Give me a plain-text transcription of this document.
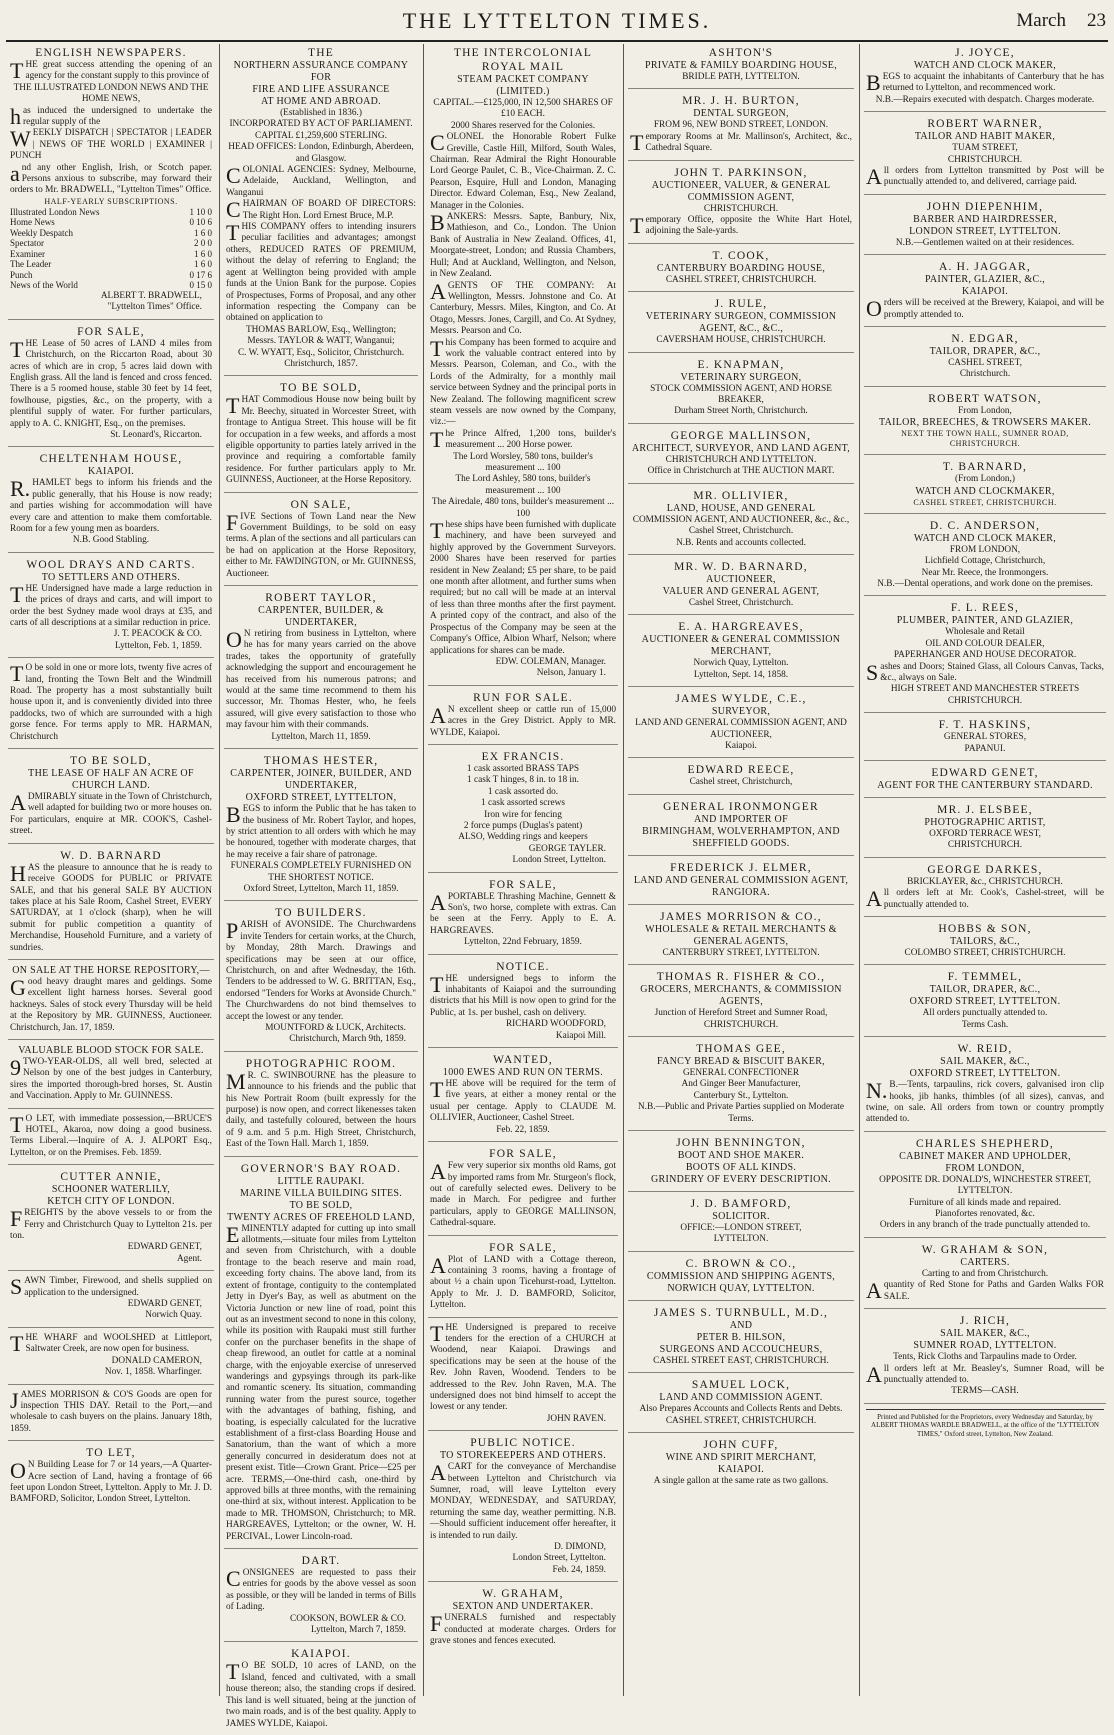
THE LYTTELTON TIMES.	March 23
ENGLISH NEWSPAPERS.
THE great success attending the opening of an agency for the constant supply to this province of
THE ILLUSTRATED LONDON NEWS AND THE HOME NEWS,
has induced the undersigned to undertake the regular supply of the
WEEKLY DISPATCH | SPECTATOR | LEADER | NEWS OF THE WORLD | EXAMINER | PUNCH
and any other English, Irish, or Scotch paper. Persons anxious to subscribe, may forward their orders to Mr. BRADWELL, "Lyttelton Times" Office.
HALF-YEARLY SUBSCRIPTIONS.
Illustrated London News	1 10 0
Home News	0 10 6
Weekly Despatch	1 6 0
Spectator	2 0 0
Examiner	1 6 0
The Leader	1 6 0
Punch	0 17 6
News of the World	0 15 0
ALBERT T. BRADWELL,
"Lyttelton Times" Office.
FOR SALE,
THE Lease of 50 acres of LAND 4 miles from Christchurch, on the Riccarton Road, about 30 acres of which are in crop, 5 acres laid down with English grass. All the land is fenced and cross fenced. There is a 5 roomed house, stable 30 feet by 14 feet, fowlhouse, pigsties, &c., on the property, with a plentiful supply of water. For further particulars, apply to A. C. KNIGHT, Esq., on the premises.
St. Leonard's, Riccarton.
CHELTENHAM HOUSE,
KAIAPOI.
R.HAMLET begs to inform his friends and the public generally, that his House is now ready; and parties wishing for accommodation will have every care and attention to make them comfortable. Room for a few young men as boarders.
N.B. Good Stabling.
WOOL DRAYS AND CARTS.
TO SETTLERS AND OTHERS.
THE Undersigned have made a large reduction in the prices of drays and carts, and will import to order the best Sydney made wool drays at £35, and carts of all descriptions at a similar reduction in price.
J. T. PEACOCK & CO.
Lyttelton, Feb. 1, 1859.
TO be sold in one or more lots, twenty five acres of land, fronting the Town Belt and the Windmill Road. The property has a most substantially built house upon it, and is conveniently divided into three paddocks, two of which are surrounded with a high gorse fence. For terms apply to MR. HARMAN, Christchurch
TO BE SOLD,
THE LEASE OF HALF AN ACRE OF CHURCH LAND.
ADMIRABLY situate in the Town of Christchurch, well adapted for building two or more houses on. For particulars, enquire at MR. COOK'S, Cashel-street.
W. D. BARNARD
HAS the pleasure to announce that he is ready to receive GOODS for PUBLIC or PRIVATE SALE, and that his general SALE BY AUCTION takes place at his Sale Room, Cashel Street, EVERY SATURDAY, at 1 o'clock (sharp), when he will submit for public competition a quantity of Merchandise, Household Furniture, and a variety of sundries.
ON SALE AT THE HORSE REPOSITORY,—
Good heavy draught mares and geldings. Some excellent light harness horses. Several good hackneys. Sales of stock every Thursday will be held at the Repository by MR. GUINNESS, Auctioneer. Christchurch, Jan. 17, 1859.
VALUABLE BLOOD STOCK FOR SALE.
9TWO-YEAR-OLDS, all well bred, selected at Nelson by one of the best judges in Canterbury, sires the imported thorough-bred horses, St. Austin and Vaccination. Apply to Mr. GUINNESS.
TO LET, with immediate possession,—BRUCE'S HOTEL, Akaroa, now doing a good business. Terms Liberal.—Inquire of A. J. ALPORT Esq., Lyttelton, or on the Premises. Feb. 1859.
CUTTER ANNIE,
SCHOONER WATERLILY,
KETCH CITY OF LONDON.
FREIGHTS by the above vessels to or from the Ferry and Christchurch Quay to Lyttelton 21s. per ton.
EDWARD GENET,
Agent.
SAWN Timber, Firewood, and shells supplied on application to the undersigned.
EDWARD GENET,
Norwich Quay.
THE WHARF and WOOLSHED at Littleport, Saltwater Creek, are now open for business.
DONALD CAMERON,
Nov. 1, 1858. Wharfinger.
JAMES MORRISON & CO'S Goods are open for inspection THIS DAY. Retail to the Port,—and wholesale to cash buyers on the plains. January 18th, 1859.
TO LET,
ON Building Lease for 7 or 14 years,—A Quarter-Acre section of Land, having a frontage of 66 feet upon London Street, Lyttelton. Apply to Mr. J. D. BAMFORD, Solicitor, London Street, Lyttelton.
THE
NORTHERN ASSURANCE COMPANY
FOR
FIRE AND LIFE ASSURANCE
AT HOME AND ABROAD.
(Established in 1836.)
INCORPORATED BY ACT OF PARLIAMENT.
CAPITAL £1,259,600 STERLING.
HEAD OFFICES: London, Edinburgh, Aberdeen, and Glasgow.
COLONIAL AGENCIES: Sydney, Melbourne, Adelaide, Auckland, Wellington, and Wanganui
CHAIRMAN OF BOARD OF DIRECTORS: The Right Hon. Lord Ernest Bruce, M.P.
THIS COMPANY offers to intending insurers peculiar facilities and advantages; amongst others, REDUCED RATES OF PREMIUM, without the delay of referring to England; the agent at Wellington being provided with ample funds at the Union Bank for the purpose. Copies of Prospectuses, Forms of Proposal, and any other information respecting the Company can be obtained on application to
THOMAS BARLOW, Esq., Wellington;
Messrs. TAYLOR & WATT, Wanganui;
C. W. WYATT, Esq., Solicitor, Christchurch.
Christchurch, 1857.
TO BE SOLD,
THAT Commodious House now being built by Mr. Beechy, situated in Worcester Street, with frontage to Antigua Street. This house will be fit for occupation in a few weeks, and affords a most eligible opportunity to parties lately arrived in the province and requiring a comfortable family residence. For further particulars apply to Mr. GUINNESS, Auctioneer, at the Horse Repository.
ON SALE,
FIVE Sections of Town Land near the New Government Buildings, to be sold on easy terms. A plan of the sections and all particulars can be had on application at the Horse Repository, either to Mr. FAWDINGTON, or Mr. GUINNESS, Auctioneer.
ROBERT TAYLOR,
CARPENTER, BUILDER, & UNDERTAKER,
ON retiring from business in Lyttelton, where he has for many years carried on the above trades, takes the opportunity of gratefully acknowledging the support and encouragement he has received from his numerous patrons; and would at the same time recommend to them his successor, Mr. Thomas Hester, who, he feels assured, will give every satisfaction to those who may favour him with their commands.
Lyttelton, March 11, 1859.
THOMAS HESTER,
CARPENTER, JOINER, BUILDER, AND UNDERTAKER,
OXFORD STREET, LYTTELTON,
BEGS to inform the Public that he has taken to the business of Mr. Robert Taylor, and hopes, by strict attention to all orders with which he may be honoured, together with moderate charges, that he may receive a fair share of patronage.
FUNERALS COMPLETELY FURNISHED ON THE SHORTEST NOTICE.
Oxford Street, Lyttelton, March 11, 1859.
TO BUILDERS.
PARISH of AVONSIDE. The Churchwardens invite Tenders for certain works, at the Church, by Monday, 28th March. Drawings and specifications may be seen at our office, Christchurch, on and after Wednesday, the 16th. Tenders to be addressed to W. G. BRITTAN, Esq., endorsed "Tenders for Works at Avonside Church." The Churchwardens do not bind themselves to accept the lowest or any tender.
MOUNTFORD & LUCK, Architects.
Christchurch, March 9th, 1859.
PHOTOGRAPHIC ROOM.
MR. C. SWINBOURNE has the pleasure to announce to his friends and the public that his New Portrait Room (built expressly for the purpose) is now open, and correct likenesses taken daily, and tastefully coloured, between the hours of 9 a.m. and 5 p.m. High Street, Christchurch, East of the Town Hall. March 1, 1859.
GOVERNOR'S BAY ROAD.
LITTLE RAUPAKI.
MARINE VILLA BUILDING SITES.
TO BE SOLD,
TWENTY ACRES OF FREEHOLD LAND,
EMINENTLY adapted for cutting up into small allotments,—situate four miles from Lyttelton and seven from Christchurch, with a double frontage to the beach reserve and main road, exceeding forty chains. The above land, from its extent of frontage, contiguity to the contemplated Jetty in Dyer's Bay, as well as abutment on the Victoria Junction or new line of road, point this out as an investment second to none in this colony, while its position with Raupaki must still further confer on the purchaser benefits in the shape of cheap firewood, an outlet for cattle at a nominal charge, with the enjoyable exercise of unreserved wanderings and gypsyings through its park-like and romantic scenery. Its situation, commanding running water from the purest source, together with the advantages of bathing, fishing, and boating, is especially calculated for the lucrative establishment of a first-class Boarding House and Sanatorium, than the want of which a more generally concurred in desideratum does not at present exist. Title—Crown Grant. Price—£25 per acre. TERMS,—One-third cash, one-third by approved bills at three months, with the remaining one-third at six, without interest. Application to be made to MR. THOMSON, Christchurch; to MR. HARGREAVES, Lyttelton; or the owner, W. H. PERCIVAL, Lower Lincoln-road.
DART.
CONSIGNEES are requested to pass their entries for goods by the above vessel as soon as possible, or they will be landed in terms of Bills of Lading.
COOKSON, BOWLER & CO.
Lyttelton, March 7, 1859.
KAIAPOI.
TO BE SOLD, 10 acres of LAND, on the Island, fenced and cultivated, with a small house thereon; also, the standing crops if desired. This land is well situated, being at the junction of two main roads, and is of the best quality. Apply to JAMES WYLDE, Kaiapoi.
THE INTERCOLONIAL ROYAL MAIL
STEAM PACKET COMPANY (LIMITED.)
CAPITAL.—£125,000, IN 12,500 SHARES OF £10 EACH.
2000 Shares reserved for the Colonies.
COLONEL the Honorable Robert Fulke Greville, Castle Hill, Milford, South Wales, Chairman. Rear Admiral the Right Honourable Lord George Paulet, C. B., Vice-Chairman. Z. C. Pearson, Esquire, Hull and London, Managing Director. Edward Coleman, Esq., New Zealand, Manager in the Colonies.
BANKERS: Messrs. Sapte, Banbury, Nix, Mathieson, and Co., London. The Union Bank of Australia in New Zealand. Offices, 41, Moorgate-street, London; and Russia Chambers, Hull; And at Auckland, Wellington, and Nelson, in New Zealand.
AGENTS OF THE COMPANY: At Wellington, Messrs. Johnstone and Co. At Canterbury, Messrs. Miles, Kington, and Co. At Otago, Messrs. Jones, Cargill, and Co. At Sydney, Messrs. Pearson and Co.
This Company has been formed to acquire and work the valuable contract entered into by Messrs. Pearson, Coleman, and Co., with the Lords of the Admiralty, for a monthly mail service between Sydney and the principal ports in New Zealand. The following magnificent screw steam vessels are now owned by the Company, viz.:—
The Prince Alfred, 1,200 tons, builder's measurement ... 200 Horse power.
The Lord Worsley, 580 tons, builder's measurement ... 100
The Lord Ashley, 580 tons, builder's measurement ... 100
The Airedale, 480 tons, builder's measurement ... 100
These ships have been furnished with duplicate machinery, and have been surveyed and highly approved by the Government Surveyors. 2000 Shares have been reserved for parties resident in New Zealand; £5 per share, to be paid one month after allotment, and further sums when required; but no call will be made at an interval of less than three months after the first payment. A printed copy of the contract, and also of the Prospectus of the Company may be seen at the Company's Office, Albion Wharf, Nelson; where applications for shares can be made.
EDW. COLEMAN, Manager.
Nelson, January 1.
RUN FOR SALE.
AN excellent sheep or cattle run of 15,000 acres in the Grey District. Apply to MR. WYLDE, Kaiapoi.
EX FRANCIS.
1 cask assorted BRASS TAPS
1 cask T hinges, 8 in. to 18 in.
1 cask assorted do.
1 cask assorted screws
Iron wire for fencing
2 force pumps (Duglas's patent)
ALSO, Wedding rings and keepers
GEORGE TAYLER.
London Street, Lyttelton.
FOR SALE,
APORTABLE Thrashing Machine, Gennett & Son's, two horse, complete with extras. Can be seen at the Ferry. Apply to E. A. HARGREAVES.
Lyttelton, 22nd February, 1859.
NOTICE.
THE undersigned begs to inform the inhabitants of Kaiapoi and the surrounding districts that his Mill is now open to grind for the Public, at 1s. per bushel, cash on delivery.
RICHARD WOODFORD,
Kaiapoi Mill.
WANTED,
1000 EWES AND RUN ON TERMS.
THE above will be required for the term of five years, at either a money rental or the usual per centage. Apply to CLAUDE M. OLLIVIER, Auctioneer, Cashel Street.
Feb. 22, 1859.
FOR SALE,
AFew very superior six months old Rams, got by imported rams from Mr. Sturgeon's flock, out of carefully selected ewes. Delivery to be made in March. For pedigree and further particulars, apply to GEORGE MALLINSON, Cathedral-square.
FOR SALE,
APlot of LAND with a Cottage thereon, containing 3 rooms, having a frontage of about ½ a chain upon Ticehurst-road, Lyttelton. Apply to Mr. J. D. BAMFORD, Solicitor, Lyttelton.
THE Undersigned is prepared to receive tenders for the erection of a CHURCH at Woodend, near Kaiapoi. Drawings and specifications may be seen at the house of the Rev. John Raven, Woodend. Tenders to be addressed to the Rev. John Raven, M.A. The undersigned does not bind himself to accept the lowest or any tender.
JOHN RAVEN.
PUBLIC NOTICE.
TO STOREKEEPERS AND OTHERS.
ACART for the conveyance of Merchandise between Lyttelton and Christchurch via Sumner, road, will leave Lyttelton every MONDAY, WEDNESDAY, and SATURDAY, returning the same day, weather permitting. N.B.—Should sufficient inducement offer hereafter, it is intended to run daily.
D. DIMOND,
London Street, Lyttelton.
Feb. 24, 1859.
W. GRAHAM,
SEXTON AND UNDERTAKER.
FUNERALS furnished and respectably conducted at moderate charges. Orders for grave stones and fences executed.
ASHTON'S
PRIVATE & FAMILY BOARDING HOUSE,
BRIDLE PATH, LYTTELTON.
MR. J. H. BURTON,
DENTAL SURGEON,
FROM 96, NEW BOND STREET, LONDON.
Temporary Rooms at Mr. Mallinson's, Architect, &c., Cathedral Square.
JOHN T. PARKINSON,
AUCTIONEER, VALUER, & GENERAL COMMISSION AGENT,
CHRISTCHURCH.
Temporary Office, opposite the White Hart Hotel, adjoining the Sale-yards.
T. COOK,
CANTERBURY BOARDING HOUSE,
CASHEL STREET, CHRISTCHURCH.
J. RULE,
VETERINARY SURGEON, COMMISSION AGENT, &C., &C.,
CAVERSHAM HOUSE, CHRISTCHURCH.
E. KNAPMAN,
VETERINARY SURGEON,
STOCK COMMISSION AGENT, AND HORSE BREAKER,
Durham Street North, Christchurch.
GEORGE MALLINSON,
ARCHITECT, SURVEYOR, AND LAND AGENT,
CHRISTCHURCH AND LYTTELTON.
Office in Christchurch at THE AUCTION MART.
MR. OLLIVIER,
LAND, HOUSE, AND GENERAL
COMMISSION AGENT, AND AUCTIONEER, &c., &c.,
Cashel Street, Christchurch.
N.B. Rents and accounts collected.
MR. W. D. BARNARD,
AUCTIONEER,
VALUER AND GENERAL AGENT,
Cashel Street, Christchurch.
E. A. HARGREAVES,
AUCTIONEER & GENERAL COMMISSION MERCHANT,
Norwich Quay, Lyttelton.
Lyttelton, Sept. 14, 1858.
JAMES WYLDE, C.E.,
SURVEYOR,
LAND AND GENERAL COMMISSION AGENT, AND AUCTIONEER,
Kaiapoi.
EDWARD REECE,
Cashel street, Christchurch,
GENERAL IRONMONGER
AND IMPORTER OF
BIRMINGHAM, WOLVERHAMPTON, AND SHEFFIELD GOODS.
FREDERICK J. ELMER,
LAND AND GENERAL COMMISSION AGENT,
RANGIORA.
JAMES MORRISON & CO.,
WHOLESALE & RETAIL MERCHANTS & GENERAL AGENTS,
CANTERBURY STREET, LYTTELTON.
THOMAS R. FISHER & CO.,
GROCERS, MERCHANTS, & COMMISSION AGENTS,
Junction of Hereford Street and Sumner Road,
CHRISTCHURCH.
THOMAS GEE,
FANCY BREAD & BISCUIT BAKER,
GENERAL CONFECTIONER
And Ginger Beer Manufacturer,
Canterbury St., Lyttelton.
N.B.—Public and Private Parties supplied on Moderate Terms.
JOHN BENNINGTON,
BOOT AND SHOE MAKER.
BOOTS OF ALL KINDS.
GRINDERY OF EVERY DESCRIPTION.
J. D. BAMFORD,
SOLICITOR.
OFFICE:—LONDON STREET,
LYTTELTON.
C. BROWN & CO.,
COMMISSION AND SHIPPING AGENTS,
NORWICH QUAY, LYTTELTON.
JAMES S. TURNBULL, M.D.,
AND
PETER B. HILSON,
SURGEONS AND ACCOUCHEURS,
CASHEL STREET EAST, CHRISTCHURCH.
SAMUEL LOCK,
LAND AND COMMISSION AGENT.
Also Prepares Accounts and Collects Rents and Debts.
CASHEL STREET, CHRISTCHURCH.
JOHN CUFF,
WINE AND SPIRIT MERCHANT,
KAIAPOI.
A single gallon at the same rate as two gallons.
J. JOYCE,
WATCH AND CLOCK MAKER,
BEGS to acquaint the inhabitants of Canterbury that he has returned to Lyttelton, and recommenced work.
N.B.—Repairs executed with despatch. Charges moderate.
ROBERT WARNER,
TAILOR AND HABIT MAKER,
TUAM STREET,
CHRISTCHURCH.
All orders from Lyttelton transmitted by Post will be punctually attended to, and delivered, carriage paid.
JOHN DIEPENHIM,
BARBER AND HAIRDRESSER,
LONDON STREET, LYTTELTON.
N.B.—Gentlemen waited on at their residences.
A. H. JAGGAR,
PAINTER, GLAZIER, &C.,
KAIAPOI.
Orders will be received at the Brewery, Kaiapoi, and will be promptly attended to.
N. EDGAR,
TAILOR, DRAPER, &C.,
CASHEL STREET,
Christchurch.
ROBERT WATSON,
From London,
TAILOR, BREECHES, & TROWSERS MAKER.
NEXT THE TOWN HALL, SUMNER ROAD, CHRISTCHURCH.
T. BARNARD,
(From London,)
WATCH AND CLOCKMAKER,
CASHEL STREET, CHRISTCHURCH.
D. C. ANDERSON,
WATCH AND CLOCK MAKER,
FROM LONDON,
Lichfield Cottage, Christchurch,
Near Mr. Reece, the Ironmongers.
N.B.—Dental operations, and work done on the premises.
F. L. REES,
PLUMBER, PAINTER, AND GLAZIER,
Wholesale and Retail
OIL AND COLOUR DEALER,
PAPERHANGER AND HOUSE DECORATOR.
Sashes and Doors; Stained Glass, all Colours Canvas, Tacks, &c., always on Sale.
HIGH STREET AND MANCHESTER STREETS CHRISTCHURCH.
F. T. HASKINS,
GENERAL STORES,
PAPANUI.
EDWARD GENET,
AGENT FOR THE CANTERBURY STANDARD.
MR. J. ELSBEE,
PHOTOGRAPHIC ARTIST,
OXFORD TERRACE WEST,
CHRISTCHURCH.
GEORGE DARKES,
BRICKLAYER, &c., CHRISTCHURCH.
All orders left at Mr. Cook's, Cashel-street, will be punctually attended to.
HOBBS & SON,
TAILORS, &C.,
COLOMBO STREET, CHRISTCHURCH.
F. TEMMEL,
TAILOR, DRAPER, &C.,
OXFORD STREET, LYTTELTON.
All orders punctually attended to.
Terms Cash.
W. REID,
SAIL MAKER, &C.,
OXFORD STREET, LYTTELTON.
N.B.—Tents, tarpaulins, rick covers, galvanised iron clip hooks, jib hanks, thimbles (of all sizes), canvas, and twine, on sale. All orders from town or country promptly attended to.
CHARLES SHEPHERD,
CABINET MAKER AND UPHOLDER,
FROM LONDON,
OPPOSITE DR. DONALD'S, WINCHESTER STREET,
LYTTELTON.
Furniture of all kinds made and repaired.
Pianofortes renovated, &c.
Orders in any branch of the trade punctually attended to.
W. GRAHAM & SON,
CARTERS.
Carting to and from Christchurch.
Aquantity of Red Stone for Paths and Garden Walks FOR SALE.
J. RICH,
SAIL MAKER, &C.,
SUMNER ROAD, LYTTELTON.
Tents, Rick Cloths and Tarpaulins made to Order.
All orders left at Mr. Beasley's, Sumner Road, will be punctually attended to.
TERMS—CASH.
Printed and Published for the Proprietors, every Wednesday and Saturday, by ALBERT THOMAS WARDLE BRADWELL, at the office of the "LYTTELTON TIMES," Oxford street, Lyttelton, New Zealand.
